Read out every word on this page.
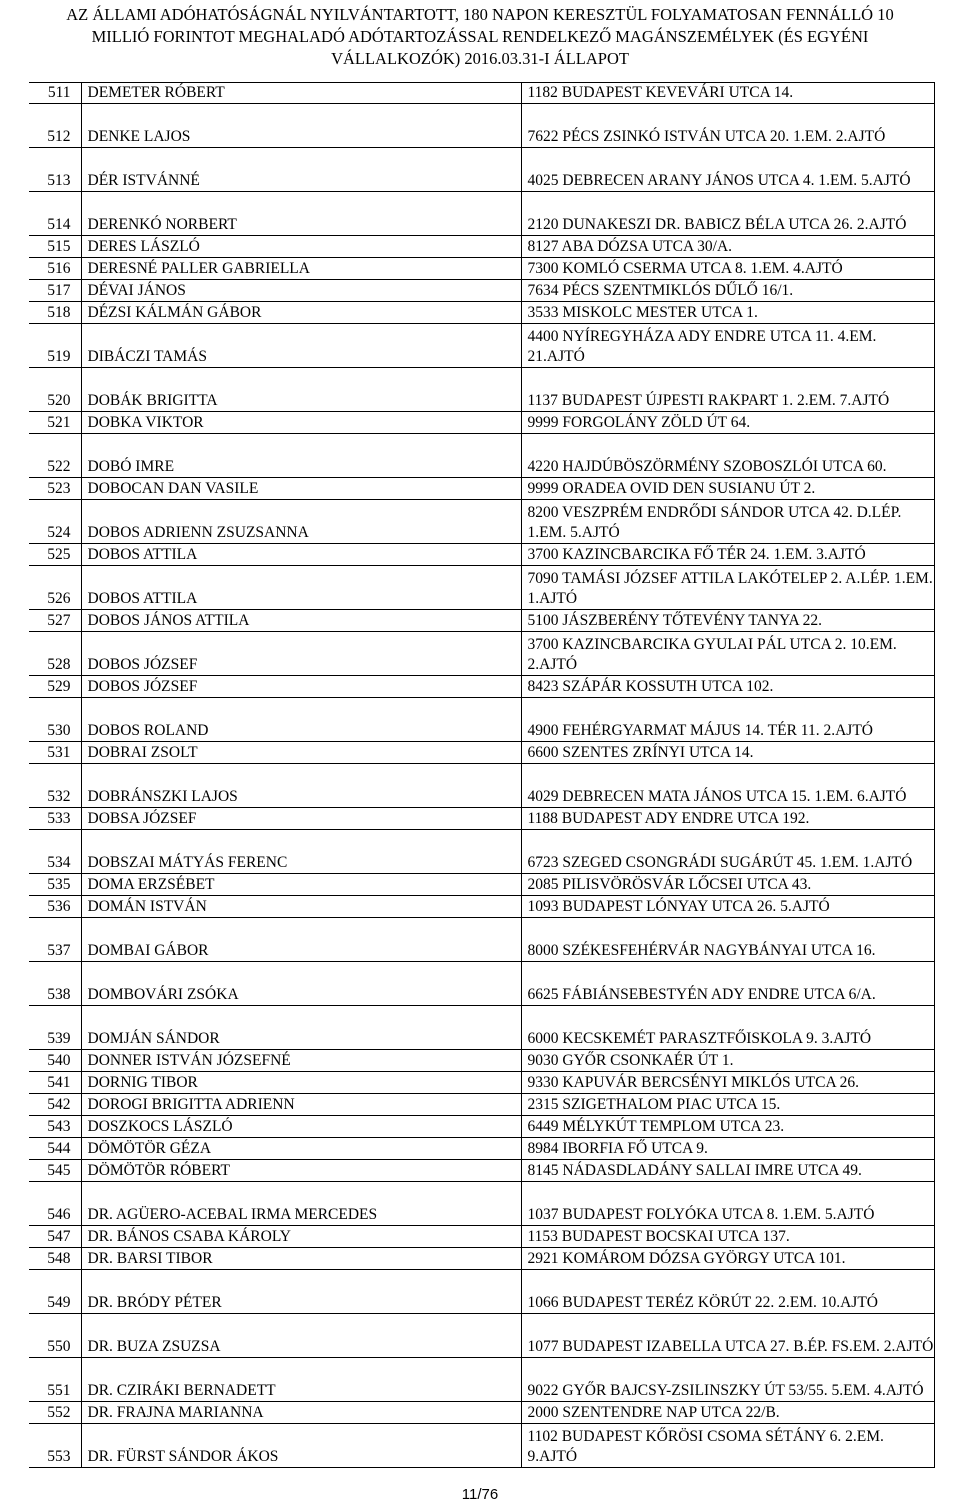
AZ ÁLLAMI ADÓHATÓSÁGNÁL NYILVÁNTARTOTT, 180 NAPON KERESZTÜL FOLYAMATOSAN FENNÁLLÓ 10
MILLIÓ FORINTOT MEGHALADÓ ADÓTARTOZÁSSAL RENDELKEZŐ MAGÁNSZEMÉLYEK (ÉS EGYÉNI
VÁLLALKOZÓK) 2016.03.31-I ÁLLAPOT
511	DEMETER RÓBERT	1182 BUDAPEST KEVEVÁRI UTCA 14.
512	DENKE LAJOS	7622 PÉCS ZSINKÓ ISTVÁN UTCA 20. 1.EM. 2.AJTÓ
513	DÉR ISTVÁNNÉ	4025 DEBRECEN ARANY JÁNOS UTCA 4. 1.EM. 5.AJTÓ
514	DERENKÓ NORBERT	2120 DUNAKESZI DR. BABICZ BÉLA UTCA 26. 2.AJTÓ
515	DERES LÁSZLÓ	8127 ABA DÓZSA UTCA 30/A.
516	DERESNÉ PALLER GABRIELLA	7300 KOMLÓ CSERMA UTCA 8. 1.EM. 4.AJTÓ
517	DÉVAI JÁNOS	7634 PÉCS SZENTMIKLÓS DŰLŐ 16/1.
518	DÉZSI KÁLMÁN GÁBOR	3533 MISKOLC MESTER UTCA 1.
519	DIBÁCZI TAMÁS	4400 NYÍREGYHÁZA ADY ENDRE UTCA 11. 4.EM. 21.AJTÓ
520	DOBÁK BRIGITTA	1137 BUDAPEST ÚJPESTI RAKPART 1. 2.EM. 7.AJTÓ
521	DOBKA VIKTOR	9999 FORGOLÁNY ZÖLD ÚT 64.
522	DOBÓ IMRE	4220 HAJDÚBÖSZÖRMÉNY SZOBOSZLÓI UTCA 60.
523	DOBOCAN DAN VASILE	9999 ORADEA OVID DEN SUSIANU ÚT 2.
524	DOBOS ADRIENN ZSUZSANNA	8200 VESZPRÉM ENDRŐDI SÁNDOR UTCA 42. D.LÉP. 1.EM. 5.AJTÓ
525	DOBOS ATTILA	3700 KAZINCBARCIKA FŐ TÉR 24. 1.EM. 3.AJTÓ
526	DOBOS ATTILA	7090 TAMÁSI JÓZSEF ATTILA LAKÓTELEP 2. A.LÉP. 1.EM. 1.AJTÓ
527	DOBOS JÁNOS ATTILA	5100 JÁSZBERÉNY TŐTEVÉNY TANYA 22.
528	DOBOS JÓZSEF	3700 KAZINCBARCIKA GYULAI PÁL UTCA 2. 10.EM. 2.AJTÓ
529	DOBOS JÓZSEF	8423 SZÁPÁR KOSSUTH UTCA 102.
530	DOBOS ROLAND	4900 FEHÉRGYARMAT MÁJUS 14. TÉR 11. 2.AJTÓ
531	DOBRAI ZSOLT	6600 SZENTES ZRÍNYI UTCA 14.
532	DOBRÁNSZKI LAJOS	4029 DEBRECEN MATA JÁNOS UTCA 15. 1.EM. 6.AJTÓ
533	DOBSA JÓZSEF	1188 BUDAPEST ADY ENDRE UTCA 192.
534	DOBSZAI MÁTYÁS FERENC	6723 SZEGED CSONGRÁDI SUGÁRÚT 45. 1.EM. 1.AJTÓ
535	DOMA ERZSÉBET	2085 PILISVÖRÖSVÁR LŐCSEI UTCA 43.
536	DOMÁN ISTVÁN	1093 BUDAPEST LÓNYAY UTCA 26. 5.AJTÓ
537	DOMBAI GÁBOR	8000 SZÉKESFEHÉRVÁR NAGYBÁNYAI UTCA 16.
538	DOMBOVÁRI ZSÓKA	6625 FÁBIÁNSEBESTYÉN ADY ENDRE UTCA 6/A.
539	DOMJÁN SÁNDOR	6000 KECSKEMÉT PARASZTFŐISKOLA 9. 3.AJTÓ
540	DONNER ISTVÁN JÓZSEFNÉ	9030 GYŐR CSONKAÉR ÚT 1.
541	DORNIG TIBOR	9330 KAPUVÁR BERCSÉNYI MIKLÓS UTCA 26.
542	DOROGI BRIGITTA ADRIENN	2315 SZIGETHALOM PIAC UTCA 15.
543	DOSZKOCS LÁSZLÓ	6449 MÉLYKÚT TEMPLOM UTCA 23.
544	DÖMÖTÖR GÉZA	8984 IBORFIA FŐ UTCA 9.
545	DÖMÖTÖR RÓBERT	8145 NÁDASDLADÁNY SALLAI IMRE UTCA 49.
546	DR. AGÜERO-ACEBAL IRMA MERCEDES	1037 BUDAPEST FOLYÓKA UTCA 8. 1.EM. 5.AJTÓ
547	DR. BÁNOS CSABA KÁROLY	1153 BUDAPEST BOCSKAI UTCA 137.
548	DR. BARSI TIBOR	2921 KOMÁROM DÓZSA GYÖRGY UTCA 101.
549	DR. BRÓDY PÉTER	1066 BUDAPEST TERÉZ KÖRÚT 22. 2.EM. 10.AJTÓ
550	DR. BUZA ZSUZSA	1077 BUDAPEST IZABELLA UTCA 27. B.ÉP. FS.EM. 2.AJTÓ
551	DR. CZIRÁKI BERNADETT	9022 GYŐR BAJCSY-ZSILINSZKY ÚT 53/55. 5.EM. 4.AJTÓ
552	DR. FRAJNA MARIANNA	2000 SZENTENDRE NAP UTCA 22/B.
553	DR. FÜRST SÁNDOR ÁKOS	1102 BUDAPEST KŐRÖSI CSOMA SÉTÁNY 6. 2.EM. 9.AJTÓ
11/76
